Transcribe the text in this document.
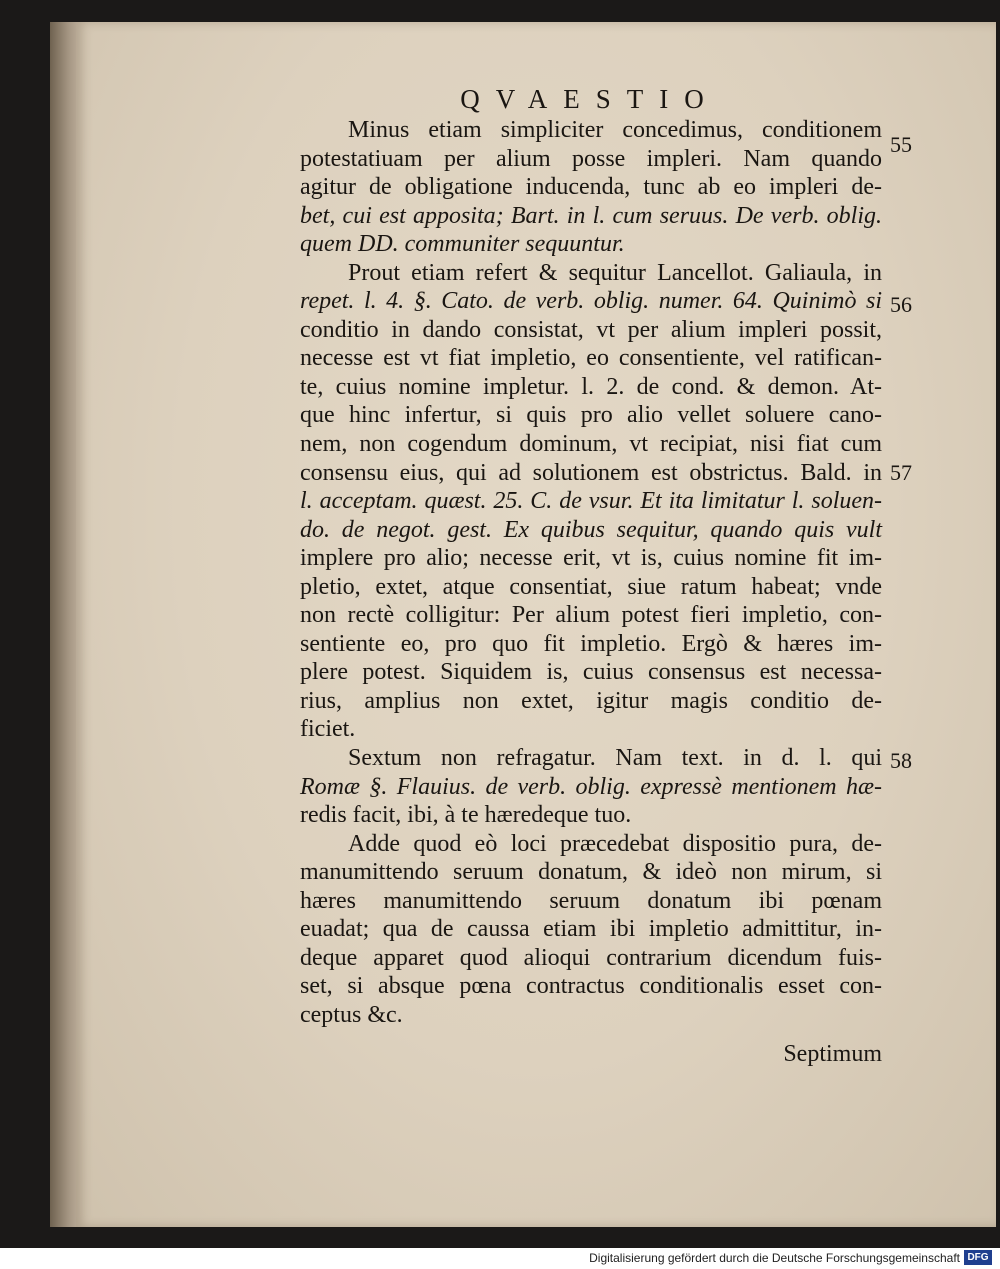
QVAESTIO
Minus etiam simpliciter concedimus, conditionem
potestatiuam per alium posse impleri. Nam quando
agitur de obligatione inducenda, tunc ab eo impleri de-
bet, cui est apposita; Bart. in l. cum seruus. De verb. oblig.
quem DD. communiter sequuntur.
Prout etiam refert & sequitur Lancellot. Galiaula, in
repet. l. 4. §. Cato. de verb. oblig. numer. 64. Quinimò si
conditio in dando consistat, vt per alium impleri possit,
necesse est vt fiat impletio, eo consentiente, vel ratifican-
te, cuius nomine impletur. l. 2. de cond. & demon. At-
que hinc infertur, si quis pro alio vellet soluere cano-
nem, non cogendum dominum, vt recipiat, nisi fiat cum
consensu eius, qui ad solutionem est obstrictus. Bald. in
l. acceptam. quæst. 25. C. de vsur. Et ita limitatur l. soluen-
do. de negot. gest. Ex quibus sequitur, quando quis vult
implere pro alio; necesse erit, vt is, cuius nomine fit im-
pletio, extet, atque consentiat, siue ratum habeat; vnde
non rectè colligitur: Per alium potest fieri impletio, con-
sentiente eo, pro quo fit impletio. Ergò & hæres im-
plere potest. Siquidem is, cuius consensus est necessa-
rius, amplius non extet, igitur magis conditio de-
ficiet.
Sextum non refragatur. Nam text. in d. l. qui
Romæ §. Flauius. de verb. oblig. expressè mentionem hæ-
redis facit, ibi, à te hæredeque tuo.
Adde quod eò loci præcedebat dispositio pura, de-
manumittendo seruum donatum, & ideò non mirum, si
hæres manumittendo seruum donatum ibi pœnam
euadat; qua de caussa etiam ibi impletio admittitur, in-
deque apparet quod alioqui contrarium dicendum fuis-
set, si absque pœna contractus conditionalis esset con-
ceptus &c.
Septimum
55
56
57
58
Digitalisierung gefördert durch die Deutsche Forschungsgemeinschaft DFG
